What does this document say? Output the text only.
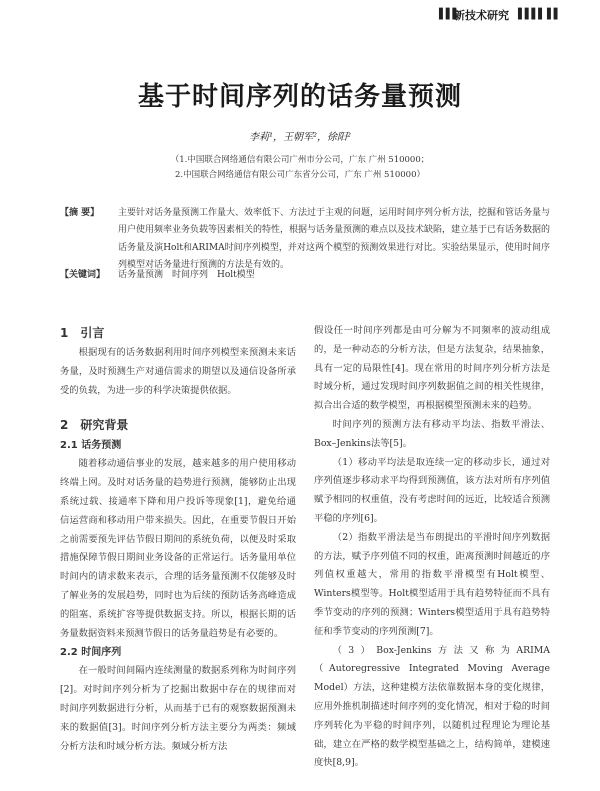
▌▌▌
新技术研究 ▌▌▌▌ ▌▌
基于时间序列的话务量预测
李莉¹，王朝军²，徐阳²
（1.中国联合网络通信有限公司广州市分公司，广东 广州 510000；
2.中国联合网络通信有限公司广东省分公司，广东 广州 510000）
【摘 要】	主要针对话务量预测工作量大、效率低下、方法过于主观的问题，运用时间序列分析方法，挖掘和管话务量与用户使用频率业务负载等因素相关的特性，根据与话务量预测的难点以及技术缺陷，建立基于已有话务数据的话务量及演Holt和ARIMA时间序列模型，并对这两个模型的预测效果进行对比。实验结果显示，使用时间序列模型对话务量进行预测的方法是有效的。
【关键词】	话务量预测　时间序列　Holt模型
1　引言

根据现有的话务数据利用时间序列模型来预测未来话务量，及时预测生产对通信需求的期望以及通信设备所承受的负载，为进一步的科学决策提供依据。

2　研究背景
2.1 话务预测

随着移动通信事业的发展，越来越多的用户使用移动终端上网。及时对话务量的趋势进行预测，能够防止出现系统过载、接通率下降和用户投诉等现象[1]，避免给通信运营商和移动用户带来损失。因此，在重要节假日开始之前需要预先评估节假日期间的系统负荷，以便及时采取措施保障节假日期间业务设备的正常运行。话务量用单位时间内的请求数来表示，合理的话务量预测不仅能够及时了解业务的发展趋势，同时也为后续的预防话务高峰造成的阻塞、系统扩容等提供数据支持。所以，根据长期的话务量数据资料来预测节假日的话务量趋势是有必要的。

2.2 时间序列

在一般时间间隔内连续测量的数据系列称为时间序列[2]。对时间序列分析为了挖掘出数据中存在的规律而对时间序列数据进行分析，从而基于已有的观察数据预测未来的数据值[3]。时间序列分析方法主要分为两类：频域分析方法和时域分析方法。频域分析方法

假设任一时间序列都是由可分解为不同频率的波动组成的，是一种动态的分析方法，但是方法复杂，结果抽象，具有一定的局限性[4]。现在常用的时间序列分析方法是时域分析，通过发现时间序列数据值之间的相关性规律，拟合出合适的数学模型，再根据模型预测未来的趋势。

时间序列的预测方法有移动平均法、指数平滑法、Box–Jenkins法等[5]。

（1）移动平均法是取连续一定的移动步长，通过对序列值逐步移动求平均得到预测值，该方法对所有序列值赋予相同的权重值，没有考虑时间的远近，比较适合预测平稳的序列[6]。

（2）指数平滑法是当布朗提出的平滑时间序列数据的方法，赋予序列值不同的权重，距离预测时间越近的序列值权重越大，常用的指数平滑模型有Holt模型、Winters模型等。Holt模型适用于具有趋势特征而不具有季节变动的序列的预测；Winters模型适用于具有趋势特征和季节变动的序列预测[7]。

（3）Box-Jenkins方法又称为ARIMA（Autoregressive Integrated Moving Average Model）方法，这种建模方法依靠数据本身的变化规律，应用外推机制描述时间序列的变化情况，相对于稳的时间序列转化为平稳的时间序列，以随机过程理论为理论基础，建立在严格的数学模型基础之上，结构简单，建模速度快[8,9]。
